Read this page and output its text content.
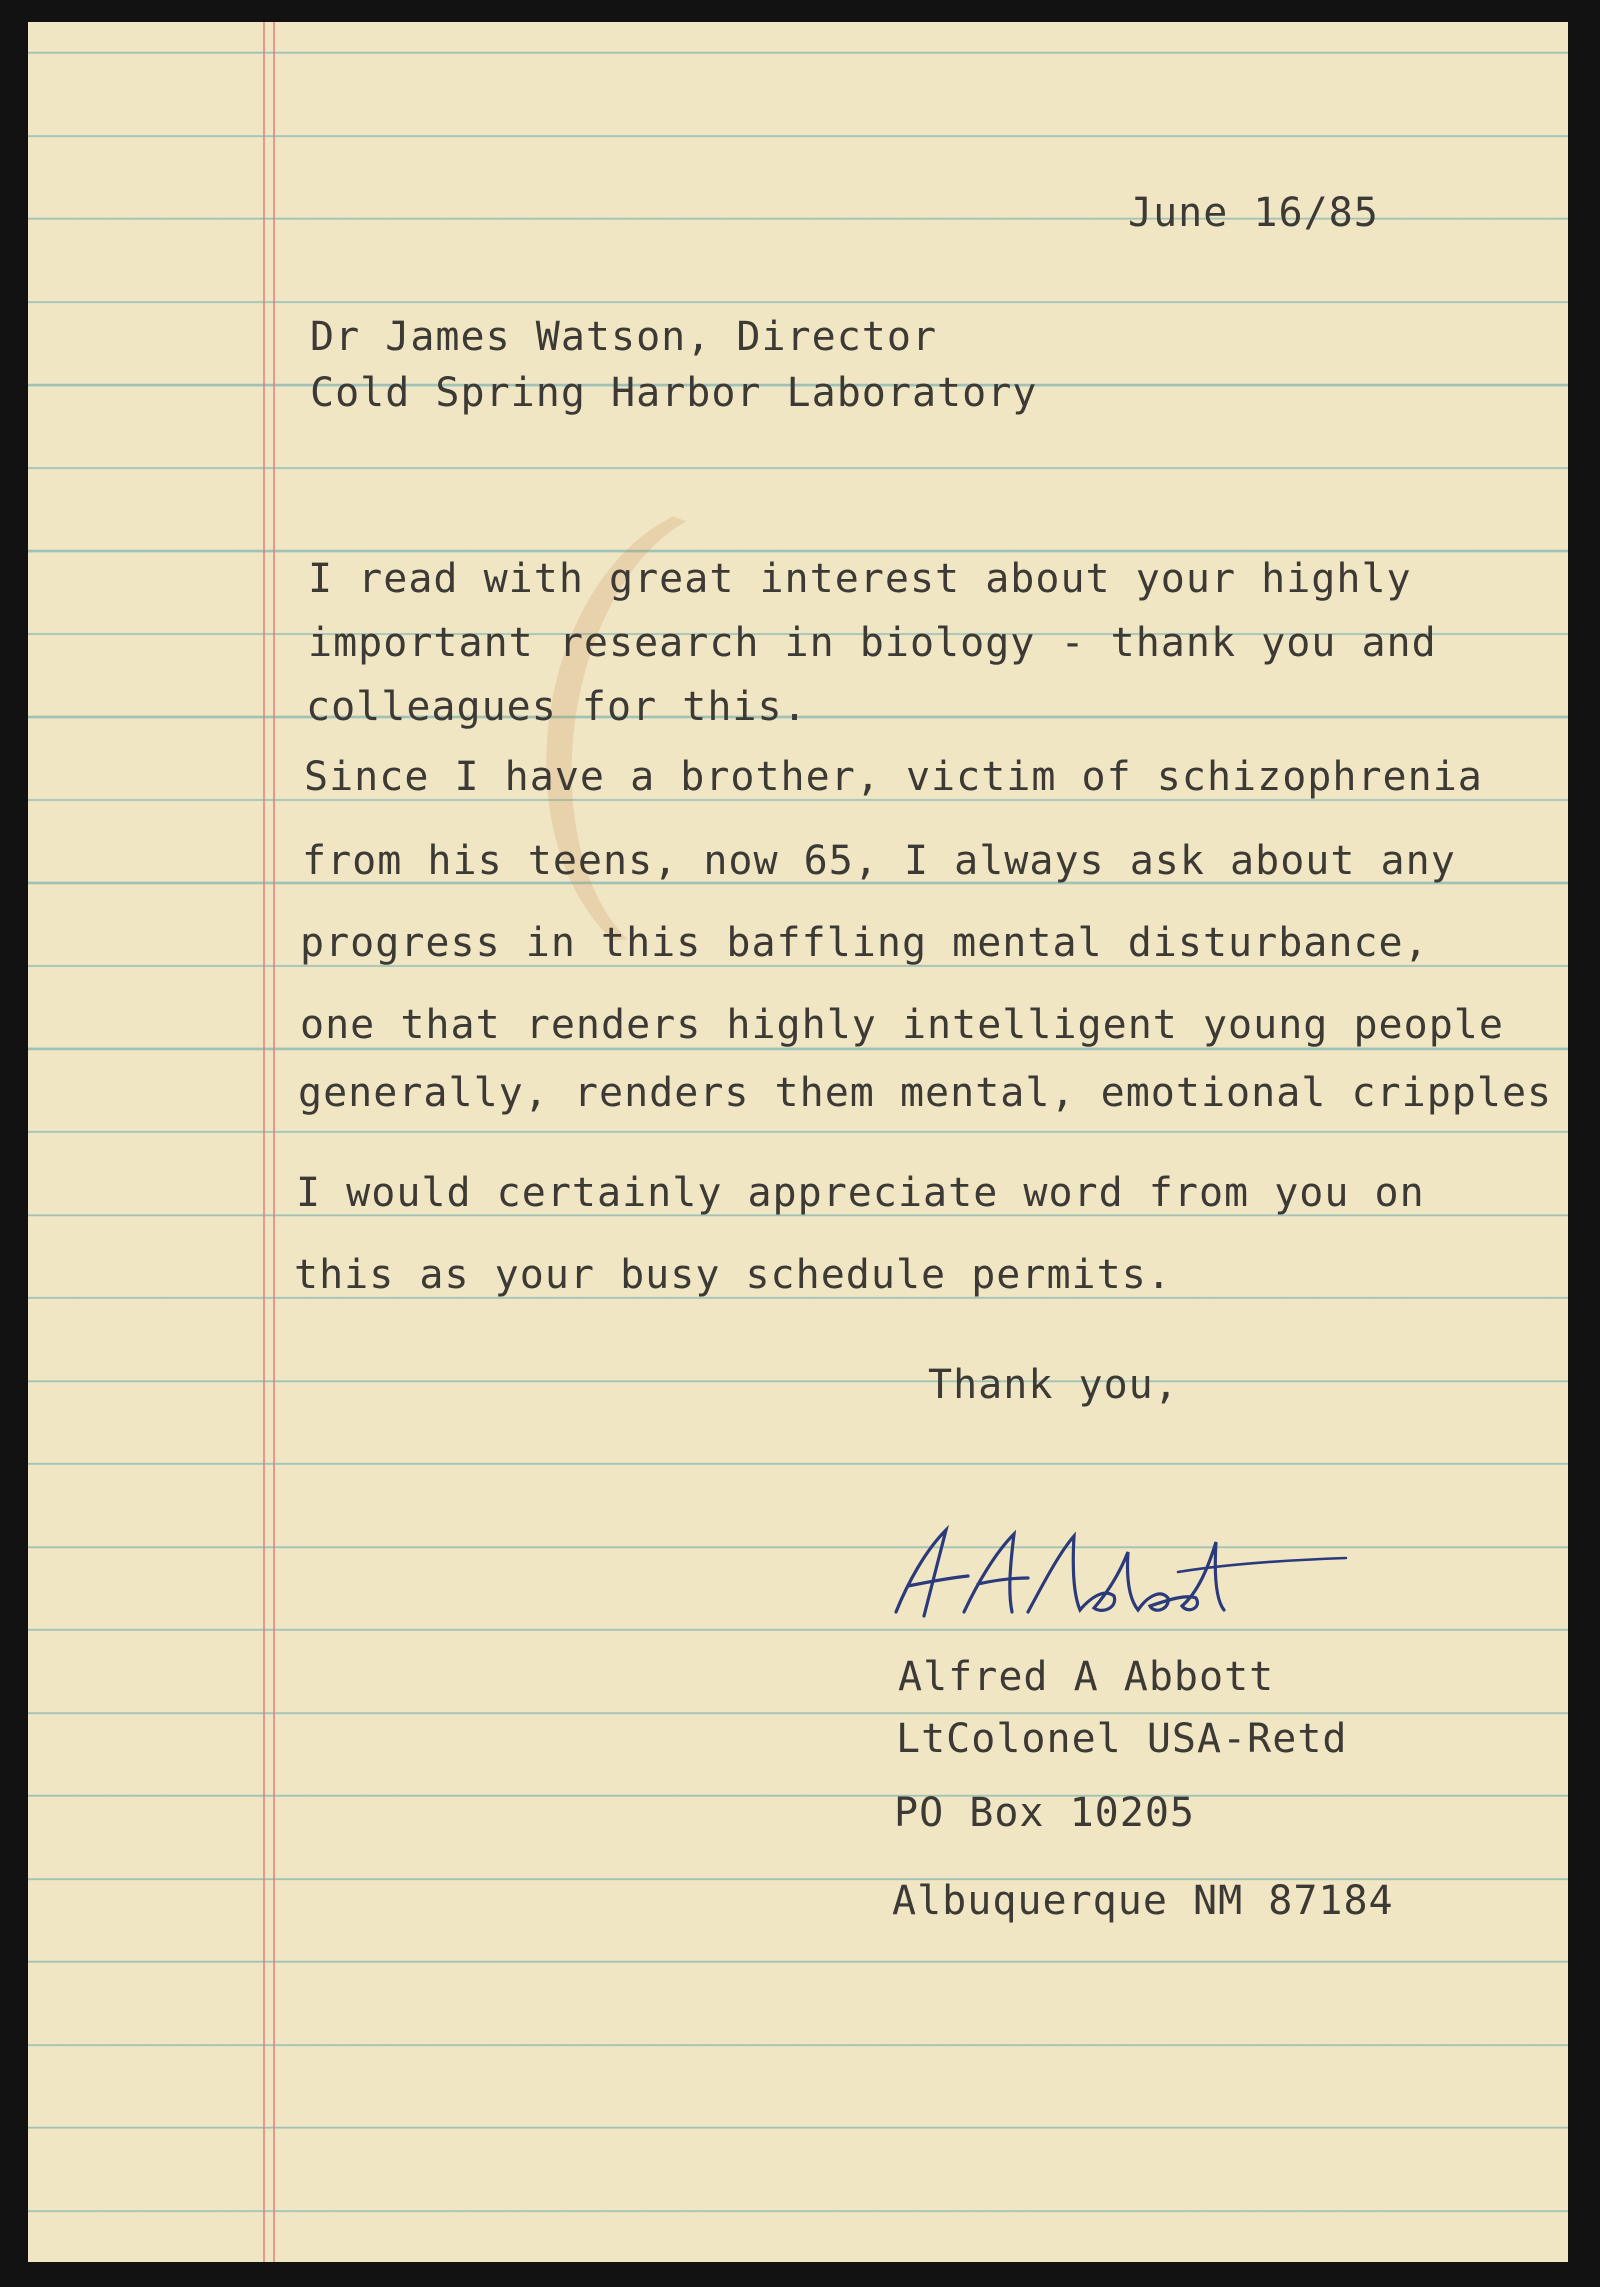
June 16/85
Dr James Watson, Director
Cold Spring Harbor Laboratory
I read with great interest about your highly
important research in biology - thank you and
colleagues for this.
Since I have a brother, victim of schizophrenia
from his teens, now 65, I always ask about any
progress in this baffling mental disturbance,
one that renders highly intelligent young people
generally, renders them mental, emotional cripples
I would certainly appreciate word from you on
this as your busy schedule permits.
Thank you,
Alfred A Abbott
LtColonel USA-Retd
PO Box 10205
Albuquerque NM 87184
